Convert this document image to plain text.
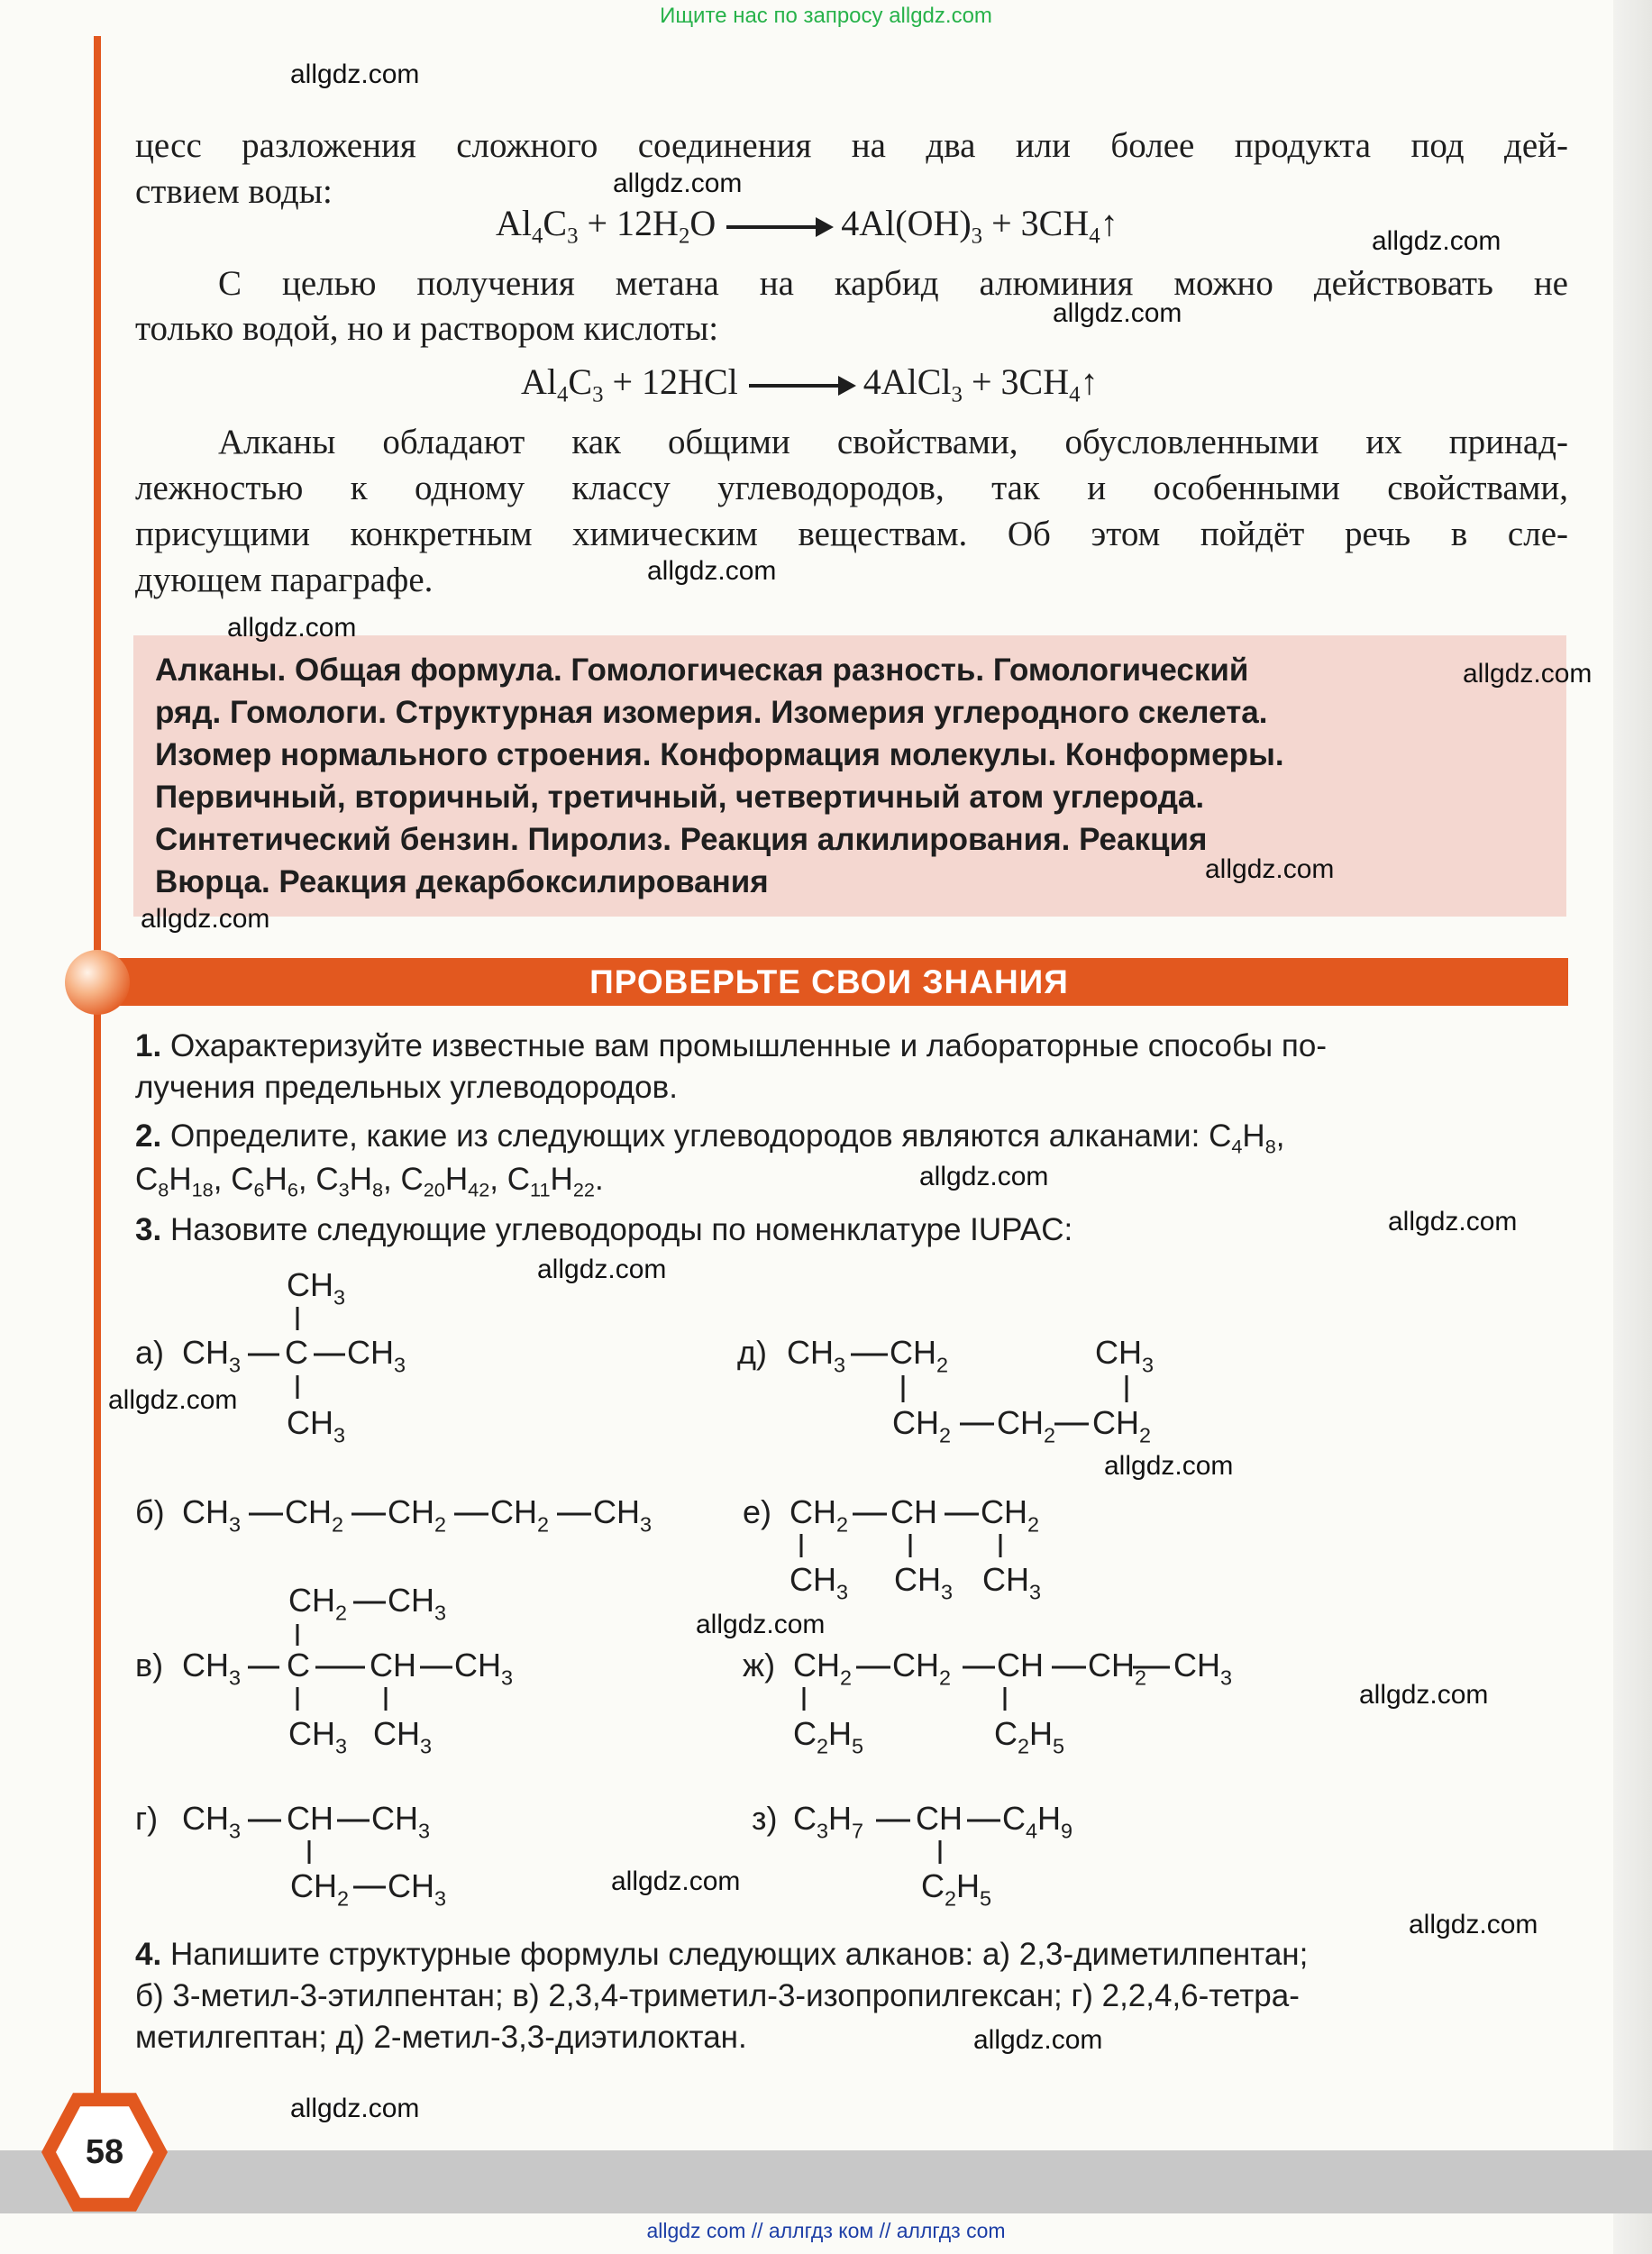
Ищите нас по запросу allgdz.com
цесс разложения сложного соединения на два или более продукта под дей-
ствием воды:
$Al_4C_3 + 12H_2O$	$4Al(OH)_3$ + $3CH_4↑$
С целью получения метана на карбид алюминия можно действовать не
только водой, но и раствором кислоты:
$Al_4C_3 + 12HCl$	4AlCl$_3$ + $3CH_4↑$
Алканы обладают как общими свойствами, обусловленными их принад-
лежностью к одному классу углеводородов, так и особенными свойствами,
присущими конкретным химическим веществам. Об этом пойдёт речь в сле-
дующем параграфе.
Алканы. Общая формула. Гомологическая разность. Гомологический
ряд. Гомологи. Структурная изомерия. Изомерия углеродного скелета.
Изомер нормального строения. Конформация молекулы. Конформеры.
Первичный, вторичный, третичный, четвертичный атом углерода.
Синтетический бензин. Пиролиз. Реакция алкилирования. Реакция
Вюрца. Реакция декарбоксилирования
ПРОВЕРЬТЕ СВОИ ЗНАНИЯ
1. Охарактеризуйте известные вам промышленные и лабораторные способы по-
лучения предельных углеводородов.
2. Определите, какие из следующих углеводородов являются алканами: $C_4H_8$,
$C_8H_{18}$, $C_6H_6$, $C_3H_8$, $C_{20}H_{42}$, $C_{11}H_{22}$.
3. Назовите следующие углеводороды по номенклатуре IUPAC:
а)
$CH_3$
$CH_3$ C $CH_3$
$CH_3$
д) $CH_3$ $CH_2$	$CH_3$
$CH_2$ $CH_2$ $CH_2$
б) $CH_3$ $CH_2$ $CH_2$ $CH_2$ $CH_3$	е) $CH_2$ CH $CH_2$
$CH_3$ $CH_3$ $CH_3$
$CH_2$ $CH_3$
в) $CH_3$ C CH $CH_3$
$CH_3$ $CH_3$
ж) $CH_2$ $CH_2$ CH $CH_2$ $CH_3$
$C_2H_5$	$C_2H_5$
г) $CH_3$ CH $CH_3$
$CH_2$ $CH_3$
з) $C_3H_7$ CH $C_4H_9$
$C_2H_5$
4. Напишите структурные формулы следующих алканов: а) 2,3-диметилпентан;
б) 3-метил-3-этилпентан; в) 2,3,4-триметил-3-изопропилгексан; г) 2,2,4,6-тетра-
метилгептан; д) 2-метил-3,3-диэтилоктан.
58
allgdz.com
allgdz.com
allgdz.com
allgdz.com
allgdz.com
allgdz.com
allgdz.com
allgdz.com
allgdz.com
allgdz.com
allgdz.com
allgdz.com
allgdz.com
allgdz.com
allgdz.com
allgdz.com
allgdz.com
allgdz.com
allgdz.com
allgdz.com
allgdz com // аллгдз ком // аллгдз com
